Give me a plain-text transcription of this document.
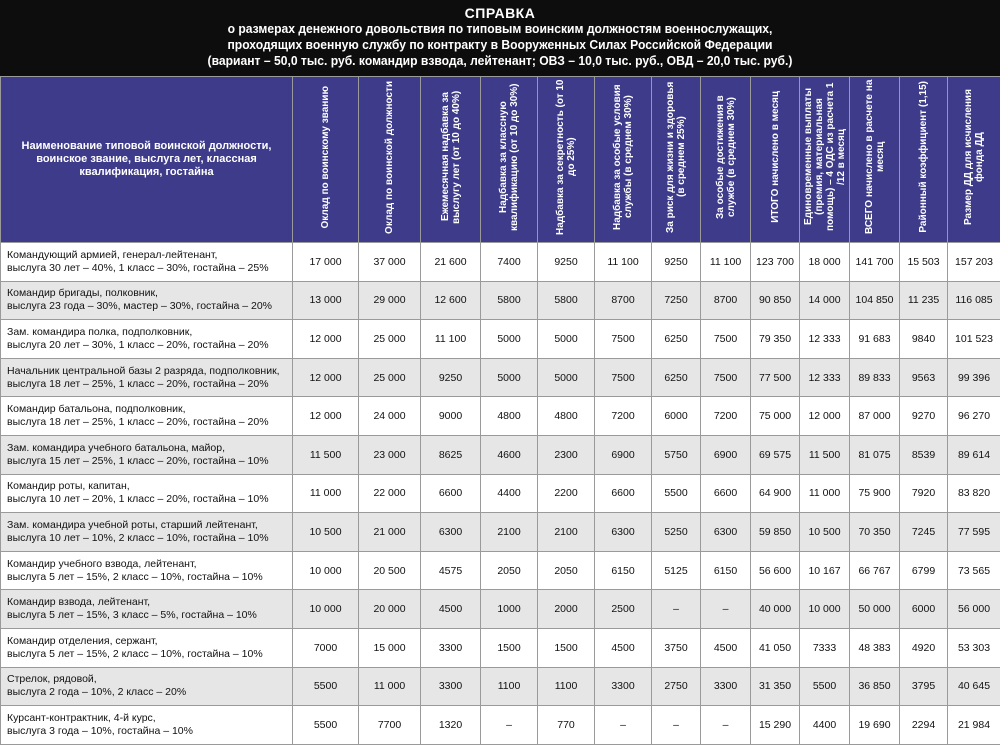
СПРАВКА
о размерах денежного довольствия по типовым воинским должностям военнослужащих,
проходящих военную службу по контракту в Вооруженных Силах Российской Федерации
(вариант – 50,0 тыс. руб. командир взвода, лейтенант; ОВЗ – 10,0 тыс. руб., ОВД – 20,0 тыс. руб.)
Наименование типовой воинской должности, воинское звание, выслуга лет, классная квалификация, гостайна	Оклад по воинскому званию	Оклад по воинской должности	Ежемесячная надбавка за выслугу лет (от 10 до 40%)	Надбавка за классную квалификацию (от 10 до 30%)	Надбавка за секретность (от 10 до 25%)	Надбавка за особые условия службы (в среднем 30%)	За риск для жизни и здоровья (в среднем 25%)	За особые достижения в службе (в среднем 30%)	ИТОГО начислено в месяц	Единовременные выплаты (премия, материальная помощь) – 4 ОДС из расчета 1 /12 в месяц	ВСЕГО начислено в расчете на месяц	Районный коэффициент (1,15)	Размер ДД для исчисления фонда ДД

Командующий армией, генерал-лейтенант,
выслуга 30 лет – 40%, 1 класс – 30%, гостайна – 25%	17 000	37 000	21 600	7400	9250	11 100	9250	11 100	123 700	18 000	141 700	15 503	157 203

Командир бригады, полковник,
выслуга 23 года – 30%, мастер – 30%, гостайна – 20%	13 000	29 000	12 600	5800	5800	8700	7250	8700	90 850	14 000	104 850	11 235	116 085

Зам. командира полка, подполковник,
выслуга 20 лет – 30%, 1 класс – 20%, гостайна – 20%	12 000	25 000	11 100	5000	5000	7500	6250	7500	79 350	12 333	91 683	9840	101 523

Начальник центральной базы 2 разряда, подполковник,
выслуга 18 лет – 25%, 1 класс – 20%, гостайна – 20%	12 000	25 000	9250	5000	5000	7500	6250	7500	77 500	12 333	89 833	9563	99 396

Командир батальона, подполковник,
выслуга 18 лет – 25%, 1 класс – 20%, гостайна – 20%	12 000	24 000	9000	4800	4800	7200	6000	7200	75 000	12 000	87 000	9270	96 270

Зам. командира учебного батальона, майор,
выслуга 15 лет – 25%, 1 класс – 20%, гостайна – 10%	11 500	23 000	8625	4600	2300	6900	5750	6900	69 575	11 500	81 075	8539	89 614

Командир роты, капитан,
выслуга 10 лет – 20%, 1 класс – 20%, гостайна – 10%	11 000	22 000	6600	4400	2200	6600	5500	6600	64 900	11 000	75 900	7920	83 820

Зам. командира учебной роты, старший лейтенант,
выслуга 10 лет – 10%, 2 класс – 10%, гостайна – 10%	10 500	21 000	6300	2100	2100	6300	5250	6300	59 850	10 500	70 350	7245	77 595

Командир учебного взвода, лейтенант,
выслуга 5 лет – 15%, 2 класс – 10%, гостайна – 10%	10 000	20 500	4575	2050	2050	6150	5125	6150	56 600	10 167	66 767	6799	73 565

Командир взвода, лейтенант,
выслуга 5 лет – 15%, 3 класс – 5%, гостайна – 10%	10 000	20 000	4500	1000	2000	2500	–	–	40 000	10 000	50 000	6000	56 000

Командир отделения, сержант,
выслуга 5 лет – 15%, 2 класс – 10%, гостайна – 10%	7000	15 000	3300	1500	1500	4500	3750	4500	41 050	7333	48 383	4920	53 303

Стрелок, рядовой,
выслуга 2 года – 10%, 2 класс – 20%	5500	11 000	3300	1100	1100	3300	2750	3300	31 350	5500	36 850	3795	40 645

Курсант-контрактник, 4-й курс,
выслуга 3 года – 10%, гостайна – 10%	5500	7700	1320	–	770	–	–	–	15 290	4400	19 690	2294	21 984
